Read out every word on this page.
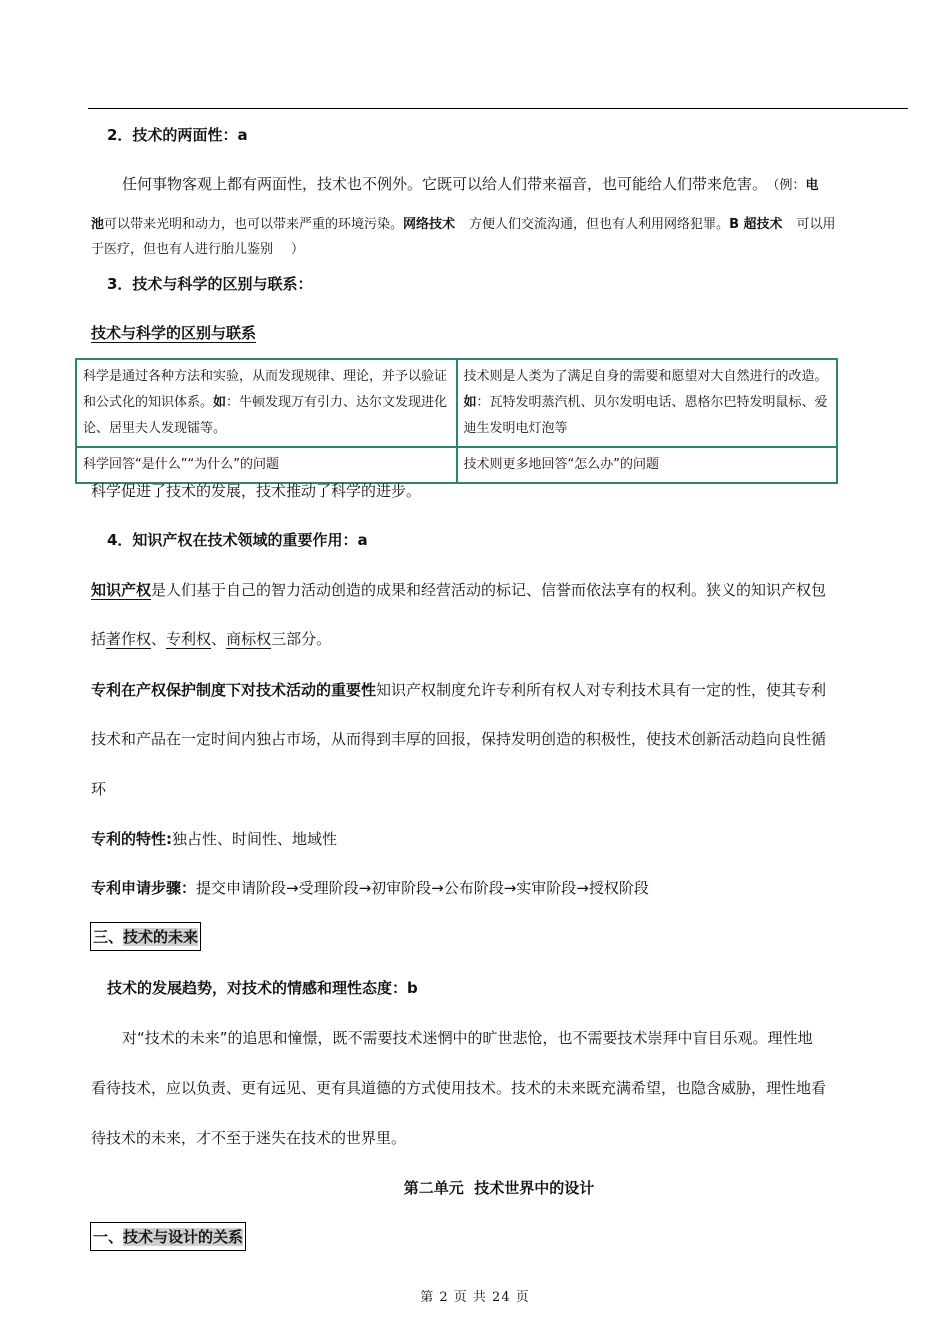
2．技术的两面性：a
任何事物客观上都有两面性，技术也不例外。它既可以给人们带来福音，也可能给人们带来危害。 （例：电
池可以带来光明和动力，也可以带来严重的环境污染。网络技术 方便人们交流沟通，但也有人利用网络犯罪。B 超技术 可以用
于医疗，但也有人进行胎儿鉴别 ）
3．技术与科学的区别与联系：
技术与科学的区别与联系
科学是通过各种方法和实验，从而发现规律、理论，并予以验证和公式化的知识体系。如：牛顿发现万有引力、达尔文发现进化论、居里夫人发现镭等。	技术则是人类为了满足自身的需要和愿望对大自然进行的改造。如：瓦特发明蒸汽机、贝尔发明电话、恩格尔巴特发明鼠标、爱迪生发明电灯泡等
科学回答“是什么”“为什么”的问题	技术则更多地回答“怎么办”的问题
科学促进了技术的发展，技术推动了科学的进步。
4．知识产权在技术领域的重要作用：a
知识产权是人们基于自己的智力活动创造的成果和经营活动的标记、信誉而依法享有的权利。狭义的知识产权包
括著作权、专利权、商标权三部分。
专利在产权保护制度下对技术活动的重要性知识产权制度允许专利所有权人对专利技术具有一定的性，使其专利
技术和产品在一定时间内独占市场，从而得到丰厚的回报，保持发明创造的积极性，使技术创新活动趋向良性循
环
专利的特性:独占性、时间性、地域性
专利申请步骤：提交申请阶段→受理阶段→初审阶段→公布阶段→实审阶段→授权阶段
三、技术的未来
技术的发展趋势，对技术的情感和理性态度：b
对“技术的未来”的追思和憧憬，既不需要技术迷惘中的旷世悲怆，也不需要技术崇拜中盲目乐观。理性地
看待技术，应以负责、更有远见、更有具道德的方式使用技术。技术的未来既充满希望，也隐含威胁，理性地看
待技术的未来，才不至于迷失在技术的世界里。
第二单元  技术世界中的设计
一、技术与设计的关系
第 2 页 共 24 页
